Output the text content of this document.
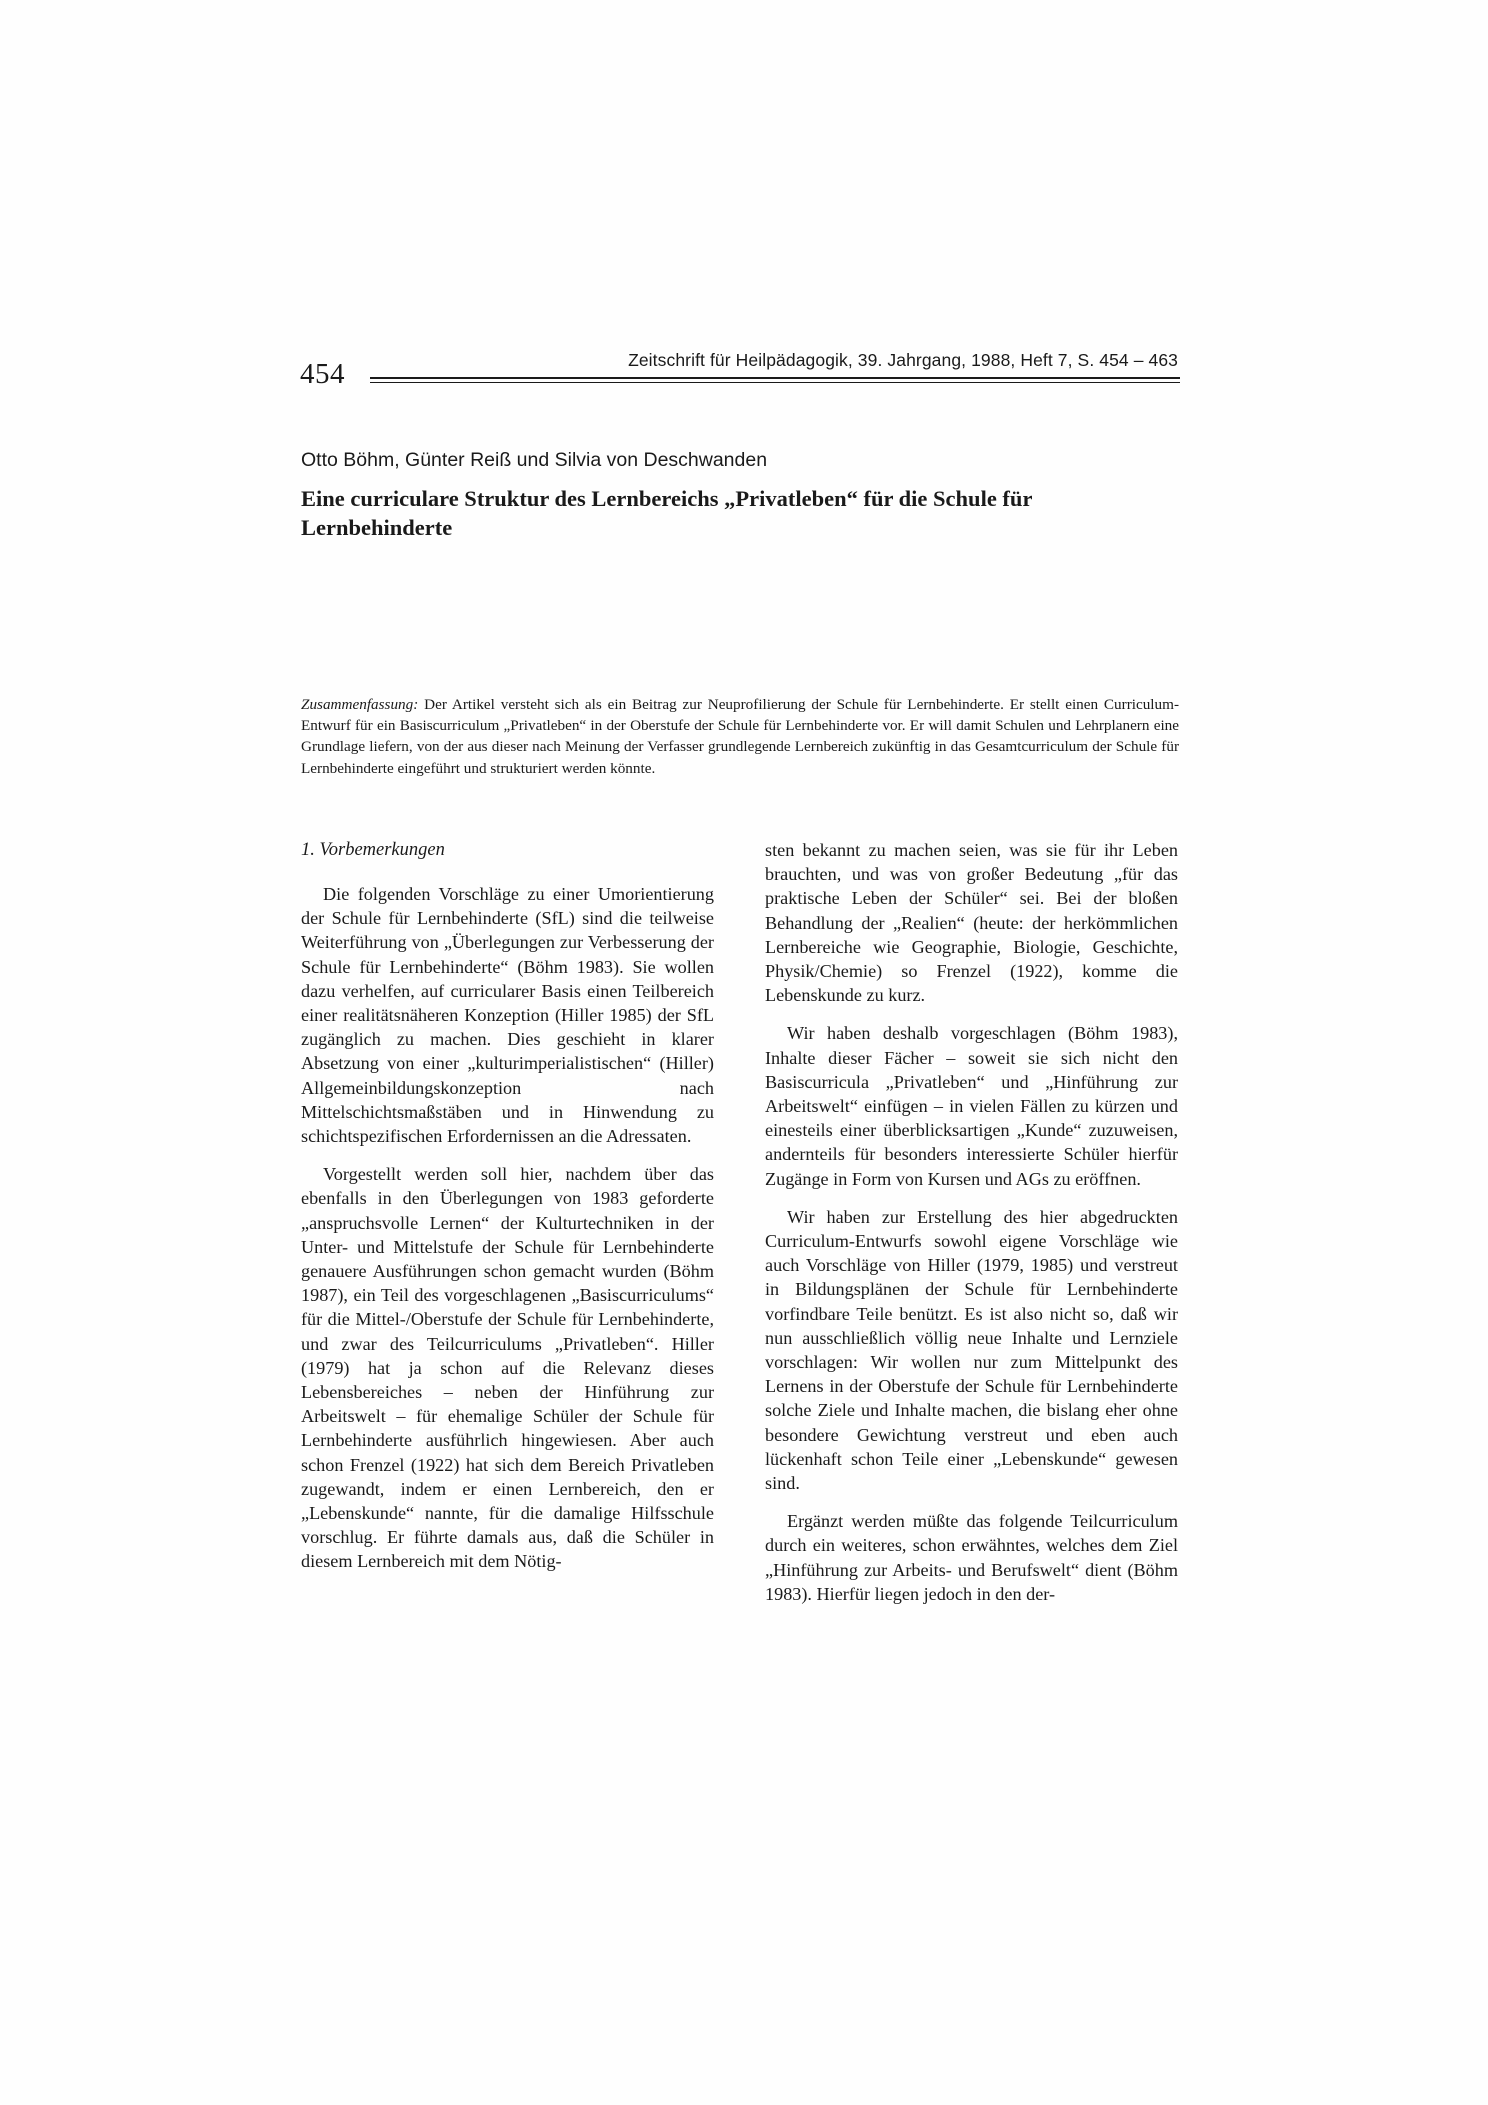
454	Zeitschrift für Heilpädagogik, 39. Jahrgang, 1988, Heft 7, S. 454 – 463
Otto Böhm, Günter Reiß und Silvia von Deschwanden
Eine curriculare Struktur des Lernbereichs „Privatleben“ für die Schule für Lernbehinderte
Zusammenfassung: Der Artikel versteht sich als ein Beitrag zur Neuprofilierung der Schule für Lernbehinderte. Er stellt einen Curriculum-Entwurf für ein Basiscurriculum „Privatleben“ in der Oberstufe der Schule für Lernbehinderte vor. Er will damit Schulen und Lehrplanern eine Grundlage liefern, von der aus dieser nach Meinung der Verfasser grundlegende Lernbereich zukünftig in das Gesamtcurriculum der Schule für Lernbehinderte eingeführt und strukturiert werden könnte.
1. Vorbemerkungen

Die folgenden Vorschläge zu einer Umorientierung der Schule für Lernbehinderte (SfL) sind die teilweise Weiterführung von „Überlegungen zur Verbesserung der Schule für Lernbehinderte“ (Böhm 1983). Sie wollen dazu verhelfen, auf curricularer Basis einen Teilbereich einer realitätsnäheren Konzeption (Hiller 1985) der SfL zugänglich zu machen. Dies geschieht in klarer Absetzung von einer „kulturimperialistischen“ (Hiller) Allgemeinbildungskonzeption nach Mittelschichtsmaßstäben und in Hinwendung zu schichtspezifischen Erfordernissen an die Adressaten.

Vorgestellt werden soll hier, nachdem über das ebenfalls in den Überlegungen von 1983 geforderte „anspruchsvolle Lernen“ der Kulturtechniken in der Unter- und Mittelstufe der Schule für Lernbehinderte genauere Ausführungen schon gemacht wurden (Böhm 1987), ein Teil des vorgeschlagenen „Basiscurriculums“ für die Mittel-/Oberstufe der Schule für Lernbehinderte, und zwar des Teilcurriculums „Privatleben“. Hiller (1979) hat ja schon auf die Relevanz dieses Lebensbereiches – neben der Hinführung zur Arbeitswelt – für ehemalige Schüler der Schule für Lernbehinderte ausführlich hingewiesen. Aber auch schon Frenzel (1922) hat sich dem Bereich Privatleben zugewandt, indem er einen Lernbereich, den er „Lebenskunde“ nannte, für die damalige Hilfsschule vorschlug. Er führte damals aus, daß die Schüler in diesem Lernbereich mit dem Nötig-

sten bekannt zu machen seien, was sie für ihr Leben brauchten, und was von großer Bedeutung „für das praktische Leben der Schüler“ sei. Bei der bloßen Behandlung der „Realien“ (heute: der herkömmlichen Lernbereiche wie Geographie, Biologie, Geschichte, Physik/Chemie) so Frenzel (1922), komme die Lebenskunde zu kurz.

Wir haben deshalb vorgeschlagen (Böhm 1983), Inhalte dieser Fächer – soweit sie sich nicht den Basiscurricula „Privatleben“ und „Hinführung zur Arbeitswelt“ einfügen – in vielen Fällen zu kürzen und einesteils einer überblicksartigen „Kunde“ zuzuweisen, andernteils für besonders interessierte Schüler hierfür Zugänge in Form von Kursen und AGs zu eröffnen.

Wir haben zur Erstellung des hier abgedruckten Curriculum-Entwurfs sowohl eigene Vorschläge wie auch Vorschläge von Hiller (1979, 1985) und verstreut in Bildungsplänen der Schule für Lernbehinderte vorfindbare Teile benützt. Es ist also nicht so, daß wir nun ausschließlich völlig neue Inhalte und Lernziele vorschlagen: Wir wollen nur zum Mittelpunkt des Lernens in der Oberstufe der Schule für Lernbehinderte solche Ziele und Inhalte machen, die bislang eher ohne besondere Gewichtung verstreut und eben auch lückenhaft schon Teile einer „Lebenskunde“ gewesen sind.

Ergänzt werden müßte das folgende Teilcurriculum durch ein weiteres, schon erwähntes, welches dem Ziel „Hinführung zur Arbeits- und Berufswelt“ dient (Böhm 1983). Hierfür liegen jedoch in den der-
